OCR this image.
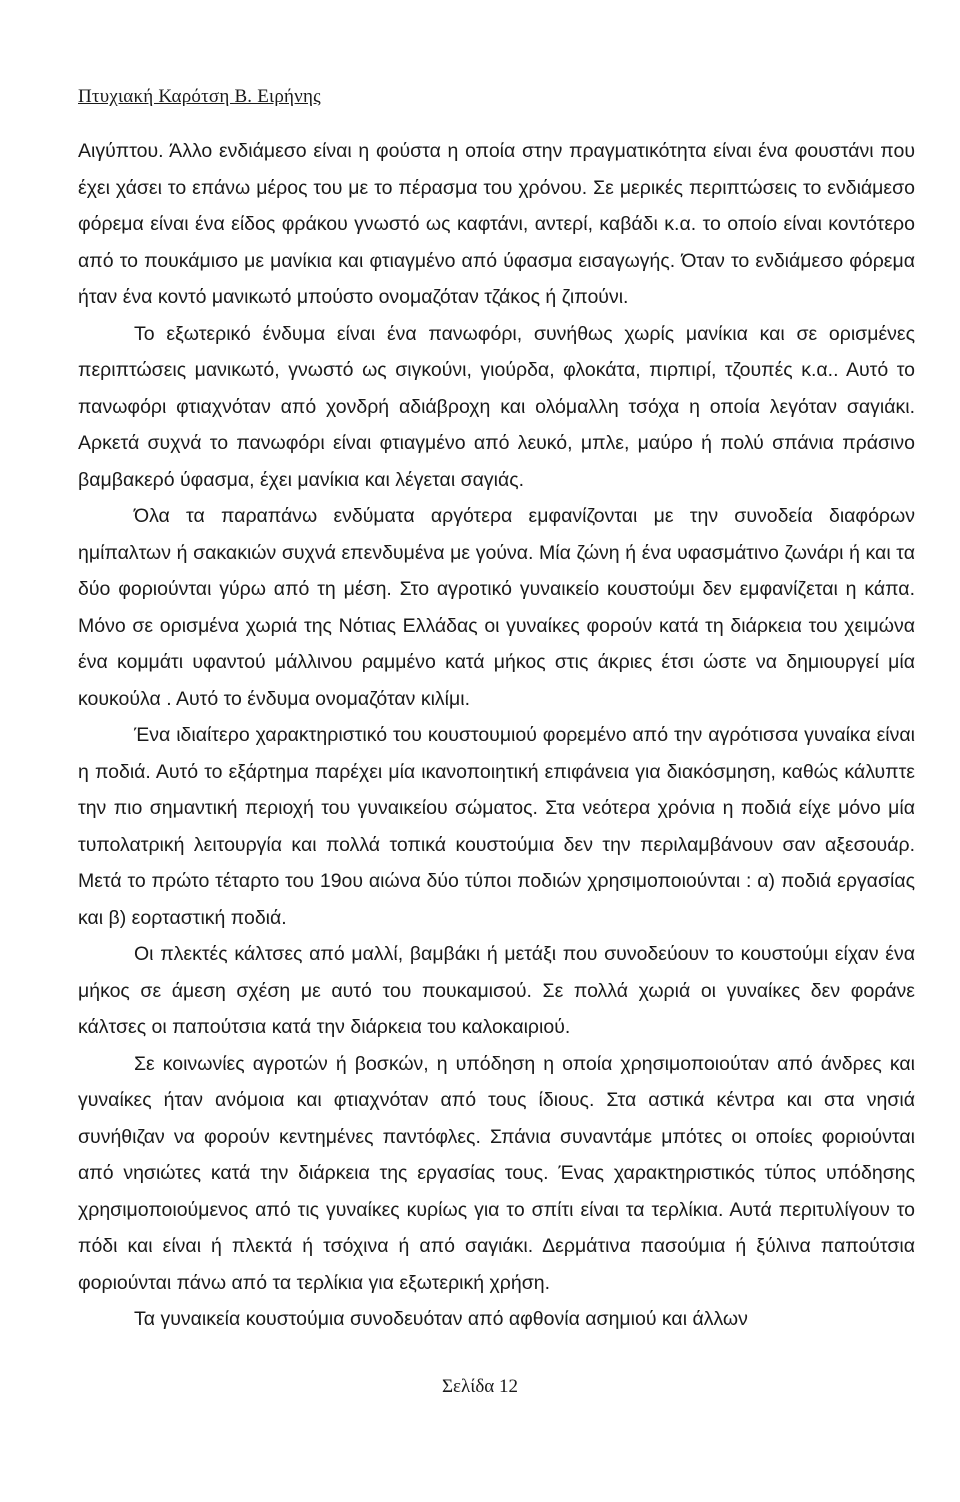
Πτυχιακή Καρότση Β. Ειρήνης

Αιγύπτου. Άλλο ενδιάμεσο είναι η φούστα η οποία στην πραγματικότητα είναι ένα φουστάνι που έχει χάσει το επάνω μέρος του με το πέρασμα του χρόνου. Σε μερικές περιπτώσεις το ενδιάμεσο φόρεμα είναι ένα είδος φράκου γνωστό ως καφτάνι, αντερί, καβάδι κ.α. το οποίο είναι κοντότερο από το πουκάμισο με μανίκια και φτιαγμένο από ύφασμα εισαγωγής. Όταν το ενδιάμεσο φόρεμα ήταν ένα κοντό μανικωτό μπούστο ονομαζόταν τζάκος ή ζιπούνι.

Το εξωτερικό ένδυμα είναι ένα πανωφόρι, συνήθως χωρίς μανίκια και σε ορισμένες περιπτώσεις μανικωτό, γνωστό ως σιγκούνι, γιούρδα, φλοκάτα, πιρπιρί, τζουπές κ.α.. Αυτό το πανωφόρι φτιαχνόταν από χονδρή αδιάβροχη και ολόμαλλη τσόχα η οποία λεγόταν σαγιάκι. Αρκετά συχνά το πανωφόρι είναι φτιαγμένο από λευκό, μπλε, μαύρο ή πολύ σπάνια πράσινο βαμβακερό ύφασμα, έχει μανίκια και λέγεται σαγιάς.

Όλα τα παραπάνω ενδύματα αργότερα εμφανίζονται με την συνοδεία διαφόρων ημίπαλτων ή σακακιών συχνά επενδυμένα με γούνα. Μία ζώνη ή ένα υφασμάτινο ζωνάρι ή και τα δύο φοριούνται γύρω από τη μέση. Στο αγροτικό γυναικείο κουστούμι δεν εμφανίζεται η κάπα. Μόνο σε ορισμένα χωριά της Νότιας Ελλάδας οι γυναίκες φορούν κατά τη διάρκεια του χειμώνα ένα κομμάτι υφαντού μάλλινου ραμμένο κατά μήκος στις άκριες έτσι ώστε να δημιουργεί μία κουκούλα . Αυτό το ένδυμα ονομαζόταν κιλίμι.

Ένα ιδιαίτερο χαρακτηριστικό του κουστουμιού φορεμένο από την αγρότισσα γυναίκα είναι η ποδιά. Αυτό το εξάρτημα παρέχει μία ικανοποιητική επιφάνεια για διακόσμηση, καθώς κάλυπτε την πιο σημαντική περιοχή του γυναικείου σώματος. Στα νεότερα χρόνια η ποδιά είχε μόνο μία τυπολατρική λειτουργία και πολλά τοπικά κουστούμια δεν την περιλαμβάνουν σαν αξεσουάρ. Μετά το πρώτο τέταρτο του 19ου αιώνα δύο τύποι ποδιών χρησιμοποιούνται : α) ποδιά εργασίας και β) εορταστική ποδιά.

Οι πλεκτές κάλτσες από μαλλί, βαμβάκι ή μετάξι που συνοδεύουν το κουστούμι είχαν ένα μήκος σε άμεση σχέση με αυτό του πουκαμισού. Σε πολλά χωριά οι γυναίκες δεν φοράνε κάλτσες οι παπούτσια κατά την διάρκεια του καλοκαιριού.

Σε κοινωνίες αγροτών ή βοσκών, η υπόδηση η οποία χρησιμοποιούταν από άνδρες και γυναίκες ήταν ανόμοια και φτιαχνόταν από τους ίδιους. Στα αστικά κέντρα και στα νησιά συνήθιζαν να φορούν κεντημένες παντόφλες. Σπάνια συναντάμε μπότες οι οποίες φοριούνται από νησιώτες κατά την διάρκεια της εργασίας τους. Ένας χαρακτηριστικός τύπος υπόδησης χρησιμοποιούμενος από τις γυναίκες κυρίως για το σπίτι είναι τα τερλίκια. Αυτά περιτυλίγουν το πόδι και είναι ή πλεκτά ή τσόχινα ή από σαγιάκι. Δερμάτινα πασούμια ή ξύλινα παπούτσια φοριούνται πάνω από τα τερλίκια για εξωτερική χρήση.

Τα γυναικεία κουστούμια συνοδευόταν από αφθονία ασημιού και άλλων

Σελίδα 12
